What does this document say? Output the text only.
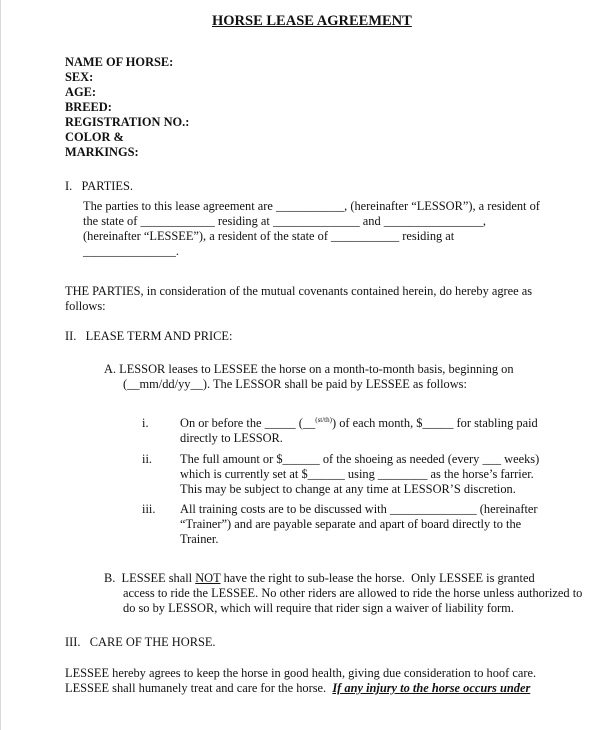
HORSE LEASE AGREEMENT
NAME OF HORSE:
SEX:
AGE:
BREED:
REGISTRATION NO.:
COLOR &
MARKINGS:
I.   PARTIES.
The parties to this lease agreement are ___________, (hereinafter “LESSOR”), a resident of
the state of ____________ residing at ______________ and ________________,
(hereinafter “LESSEE”), a resident of the state of ___________ residing at
_______________.
THE PARTIES, in consideration of the mutual covenants contained herein, do hereby agree as
follows:
II.   LEASE TERM AND PRICE:
A. LESSOR leases to LESSEE the horse on a month-to-month basis, beginning on
(__mm/dd/yy__). The LESSOR shall be paid by LESSEE as follows:
i.	On or before the _____ (__$^{(st/th)}$) of each month, $_____ for stabling paid
directly to LESSOR.
ii. The full amount or $______ of the shoeing as needed (every ___ weeks)
which is currently set at $______ using ________ as the horse’s farrier.
This may be subject to change at any time at LESSOR’S discretion.
iii. All training costs are to be discussed with ______________ (hereinafter
“Trainer”) and are payable separate and apart of board directly to the
Trainer.
B.  LESSEE shall NOT have the right to sub-lease the horse.  Only LESSEE is granted
access to ride the LESSEE. No other riders are allowed to ride the horse unless authorized to
do so by LESSOR, which will require that rider sign a waiver of liability form.
III.   CARE OF THE HORSE.
LESSEE hereby agrees to keep the horse in good health, giving due consideration to hoof care.
LESSEE shall humanely treat and care for the horse.  If any injury to the horse occurs under
